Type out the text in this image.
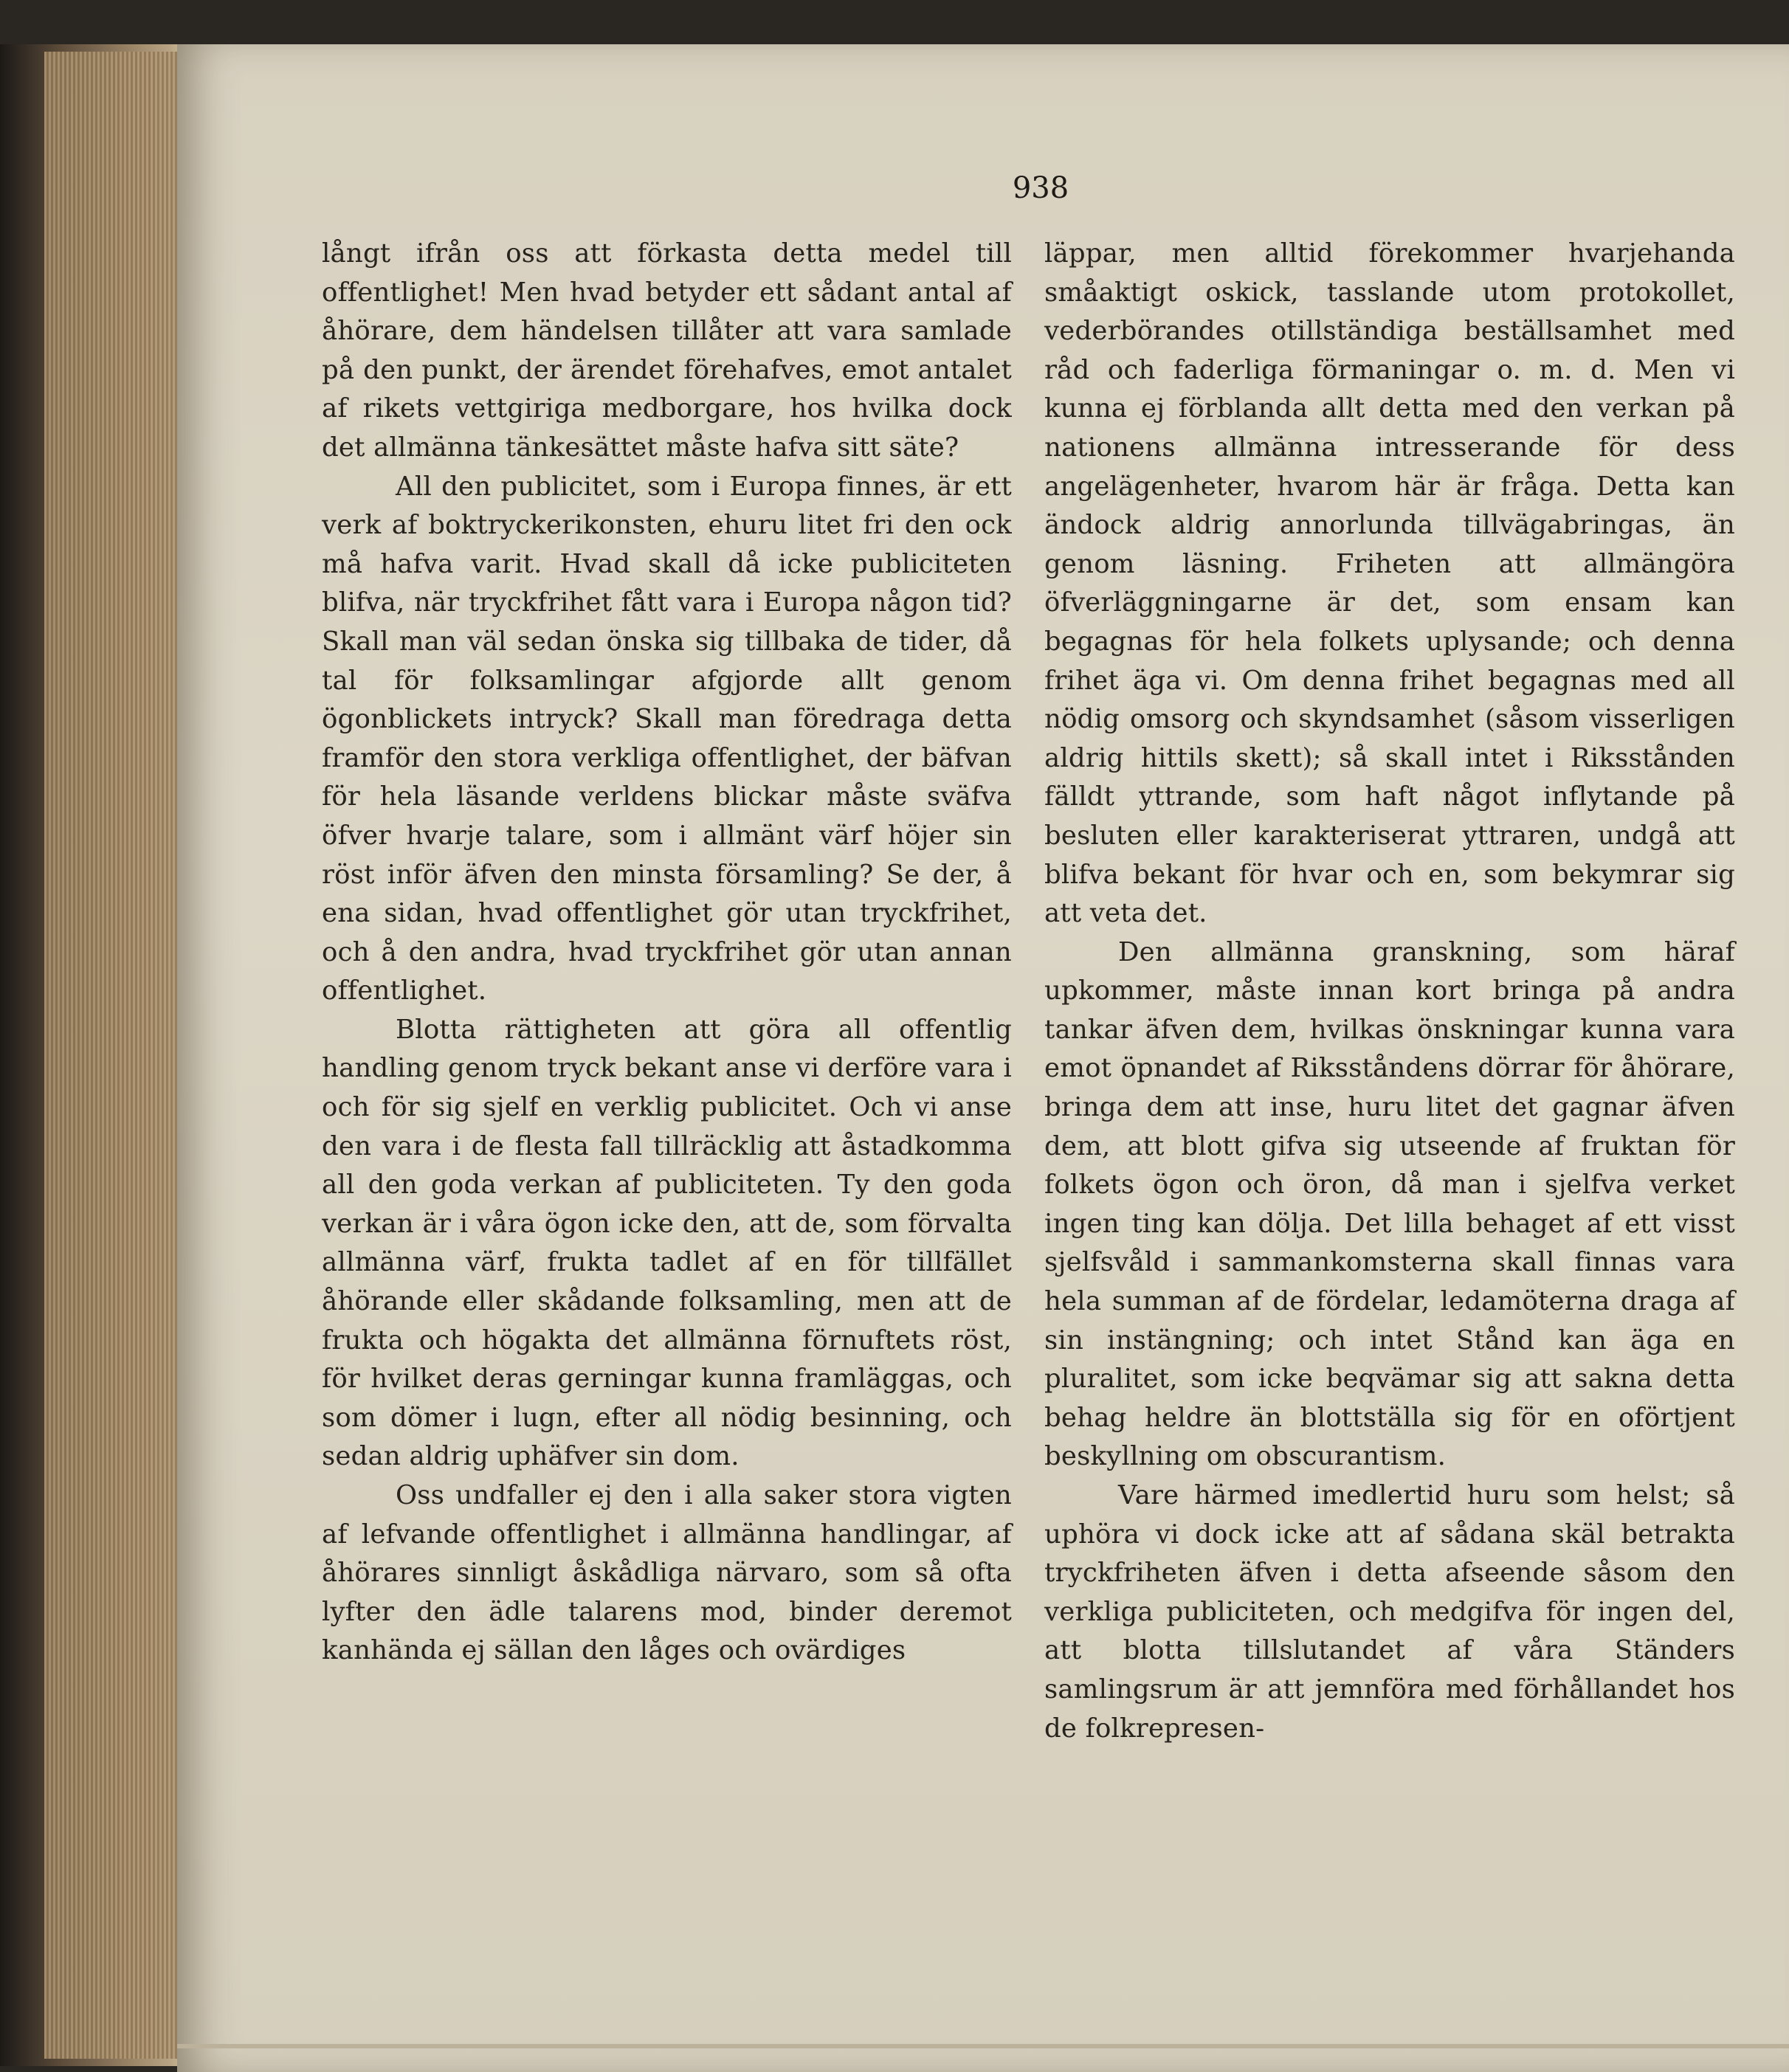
938

långt ifrån oss att förkasta detta medel till offentlighet! Men hvad betyder ett sådant antal af åhörare, dem händelsen tillåter att vara samlade på den punkt, der ärendet förehafves, emot antalet af rikets vettgiriga medborgare, hos hvilka dock det allmänna tänkesättet måste hafva sitt säte?

All den publicitet, som i Europa finnes, är ett verk af boktryckerikonsten, ehuru litet fri den ock må hafva varit. Hvad skall då icke publiciteten blifva, när tryckfrihet fått vara i Europa någon tid? Skall man väl sedan önska sig tillbaka de tider, då tal för folksamlingar afgjorde allt genom ögonblickets intryck? Skall man föredraga detta framför den stora verkliga offentlighet, der bäfvan för hela läsande verldens blickar måste sväfva öfver hvarje talare, som i allmänt värf höjer sin röst inför äfven den minsta församling? Se der, å ena sidan, hvad offentlighet gör utan tryckfrihet, och å den andra, hvad tryckfrihet gör utan annan offentlighet.

Blotta rättigheten att göra all offentlig handling genom tryck bekant anse vi derföre vara i och för sig sjelf en verklig publicitet. Och vi anse den vara i de flesta fall tillräcklig att åstadkomma all den goda verkan af publiciteten. Ty den goda verkan är i våra ögon icke den, att de, som förvalta allmänna värf, frukta tadlet af en för tillfället åhörande eller skådande folksamling, men att de frukta och högakta det allmänna förnuftets röst, för hvilket deras gerningar kunna framläggas, och som dömer i lugn, efter all nödig besinning, och sedan aldrig uphäfver sin dom.

Oss undfaller ej den i alla saker stora vigten af lefvande offentlighet i allmänna handlingar, af åhörares sinnligt åskådliga närvaro, som så ofta lyfter den ädle talarens mod, binder deremot kanhända ej sällan den låges och ovärdiges

läppar, men alltid förekommer hvarjehanda småaktigt oskick, tasslande utom protokollet, vederbörandes otillständiga beställsamhet med råd och faderliga förmaningar o. m. d. Men vi kunna ej förblanda allt detta med den verkan på nationens allmänna intresserande för dess angelägenheter, hvarom här är fråga. Detta kan ändock aldrig annorlunda tillvägabringas, än genom läsning. Friheten att allmängöra öfverläggningarne är det, som ensam kan begagnas för hela folkets uplysande; och denna frihet äga vi. Om denna frihet begagnas med all nödig omsorg och skyndsamhet (såsom visserligen aldrig hittils skett); så skall intet i Riksstånden fälldt yttrande, som haft något inflytande på besluten eller karakteriserat yttraren, undgå att blifva bekant för hvar och en, som bekymrar sig att veta det.

Den allmänna granskning, som häraf upkommer, måste innan kort bringa på andra tankar äfven dem, hvilkas önskningar kunna vara emot öpnandet af Riksståndens dörrar för åhörare, bringa dem att inse, huru litet det gagnar äfven dem, att blott gifva sig utseende af fruktan för folkets ögon och öron, då man i sjelfva verket ingen ting kan dölja. Det lilla behaget af ett visst sjelfsvåld i sammankomsterna skall finnas vara hela summan af de fördelar, ledamöterna draga af sin instängning; och intet Stånd kan äga en pluralitet, som icke beqvämar sig att sakna detta behag heldre än blottställa sig för en oförtjent beskyllning om obscurantism.

Vare härmed imedlertid huru som helst; så uphöra vi dock icke att af sådana skäl betrakta tryckfriheten äfven i detta afseende såsom den verkliga publiciteten, och medgifva för ingen del, att blotta tillslutandet af våra Ständers samlingsrum är att jemnföra med förhållandet hos de folkrepresen-
